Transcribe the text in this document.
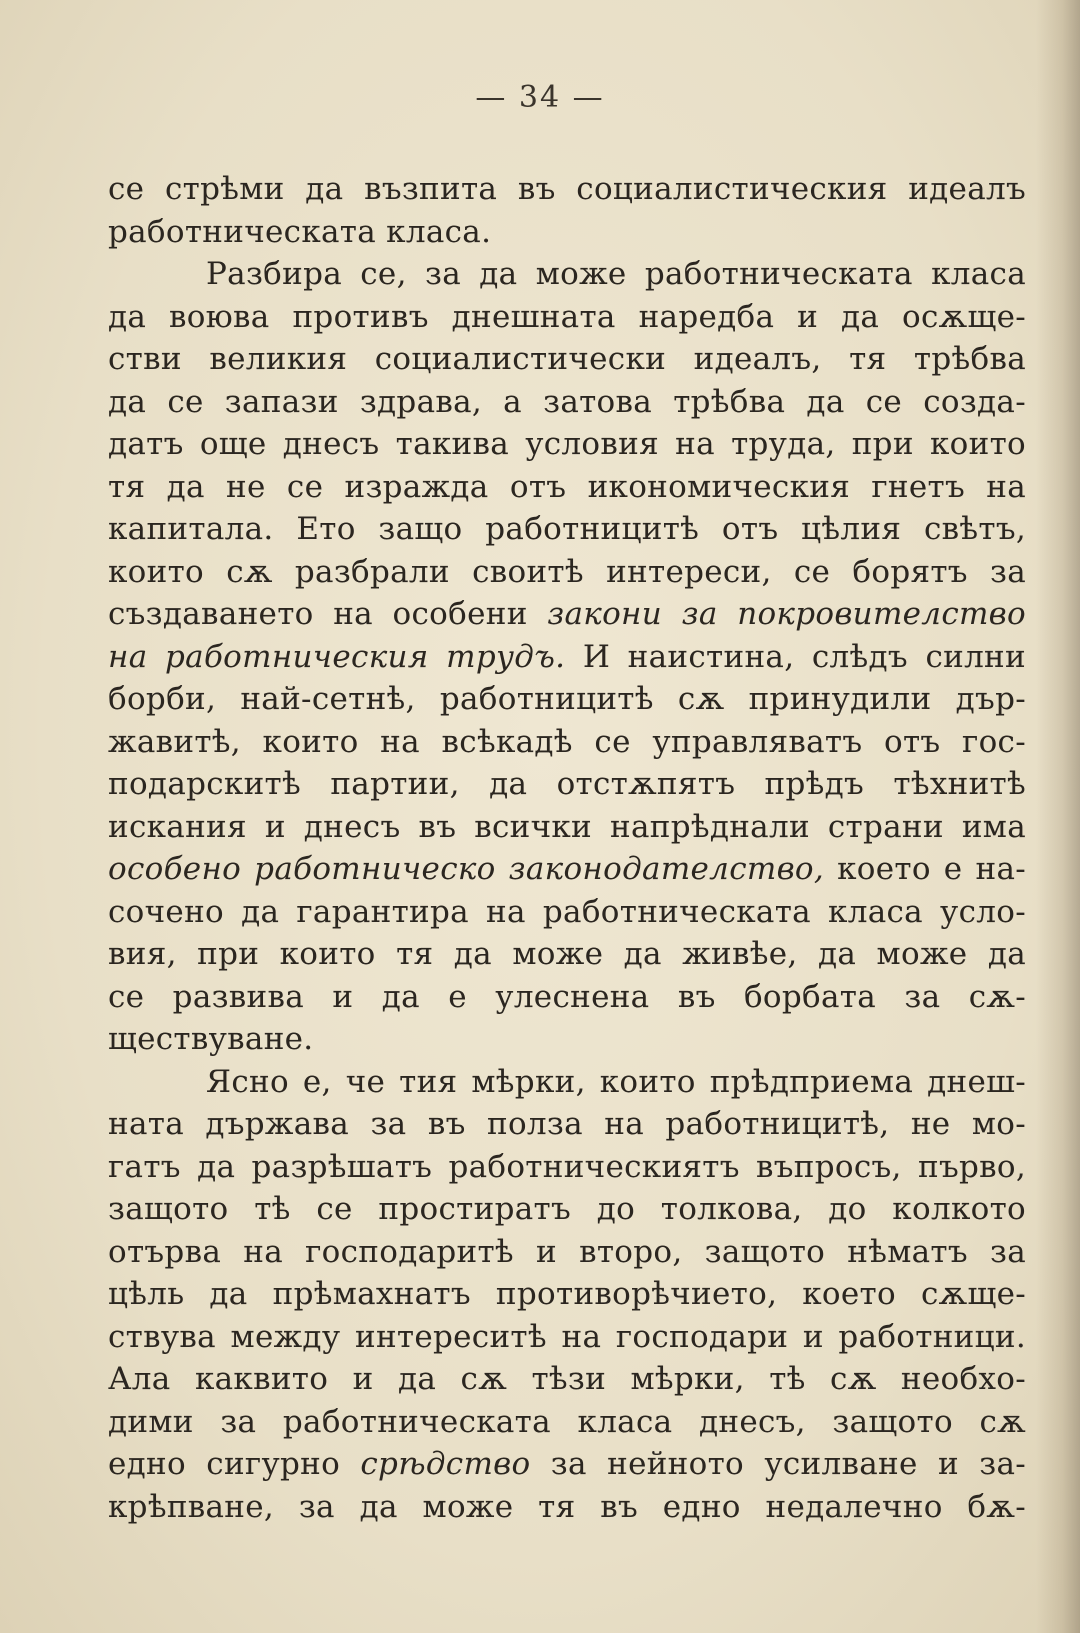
— 34 —
се стрѣми да възпита въ социалистическия идеалъ
работническата класа.
Разбира се, за да може работническата класа
да воюва противъ днешната наредба и да осѫще-
стви великия социалистически идеалъ, тя трѣбва
да се запази здрава, а затова трѣбва да се созда-
датъ още днесъ такива условия на труда, при които
тя да не се изражда отъ икономическия гнетъ на
капитала. Ето защо работницитѣ отъ цѣлия свѣтъ,
които сѫ разбрали своитѣ интереси, се борятъ за
създаването на особени закони за покровителство
на работническия трудъ. И наистина, слѣдъ силни
борби, най-сетнѣ, работницитѣ сѫ принудили дър-
жавитѣ, които на всѣкадѣ се управляватъ отъ гос-
подарскитѣ партии, да отстѫпятъ прѣдъ тѣхнитѣ
искания и днесъ въ всички напрѣднали страни има
особено работническо законодателство, което е на-
сочено да гарантира на работническата класа усло-
вия, при които тя да може да живѣе, да може да
се развива и да е улеснена въ борбата за сѫ-
ществуване.
Ясно е, че тия мѣрки, които прѣдприема днеш-
ната държава за въ полза на работницитѣ, не мо-
гатъ да разрѣшатъ работническиятъ въпросъ, първо,
защото тѣ се простиратъ до толкова, до колкото
отърва на господаритѣ и второ, защото нѣматъ за
цѣль да прѣмахнатъ противорѣчието, което сѫще-
ствува между интереситѣ на господари и работници.
Ала каквито и да сѫ тѣзи мѣрки, тѣ сѫ необхо-
дими за работническата класа днесъ, защото сѫ
едно сигурно срѣдство за нейното усилване и за-
крѣпване, за да може тя въ едно недалечно бѫ-
